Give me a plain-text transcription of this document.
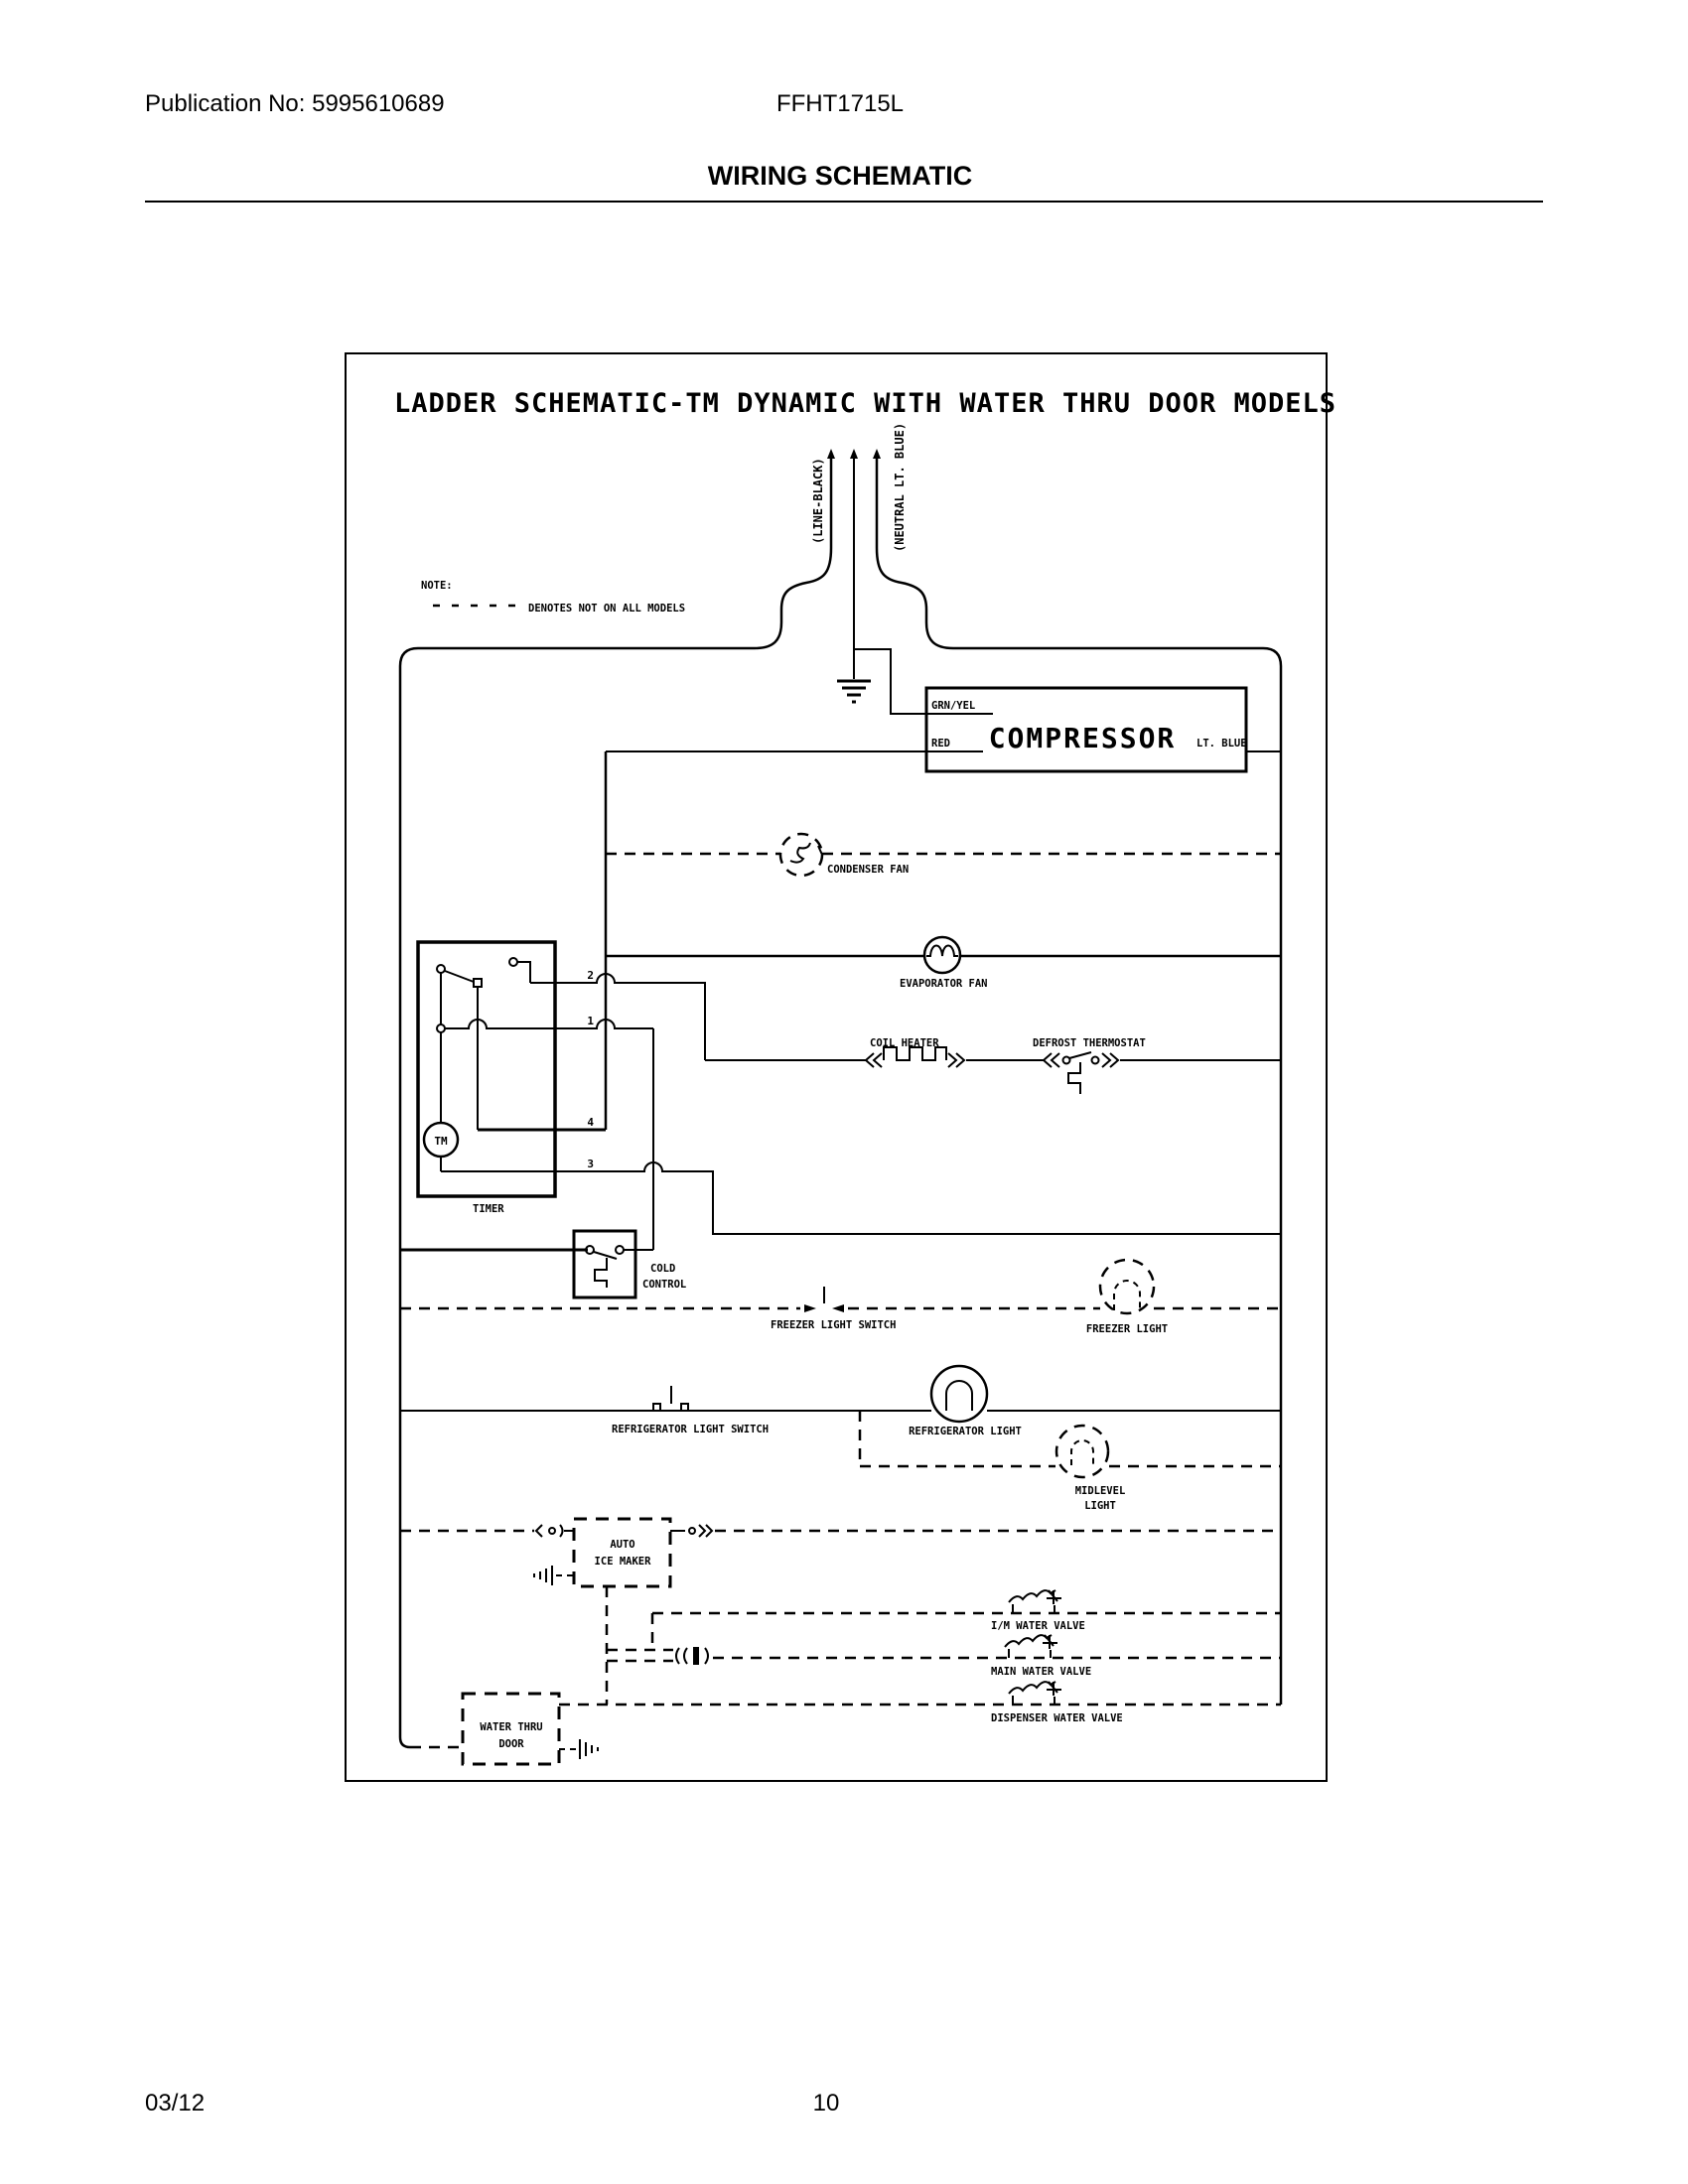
Publication No: 5995610689	FFHT1715L
WIRING SCHEMATIC
LADDER SCHEMATIC-TM DYNAMIC WITH WATER THRU DOOR MODELS
NOTE:
DENOTES NOT ON ALL MODELS
(LINE-BLACK)	(NEUTRAL LT. BLUE)
GRN/YEL
RED	LT. BLUE
COMPRESSOR
CONDENSER FAN
EVAPORATOR FAN
COIL HEATER	DEFROST THERMOSTAT
TM
2
1
4
3
TIMER
COLD
CONTROL
FREEZER LIGHT SWITCH	FREEZER LIGHT
REFRIGERATOR LIGHT SWITCH	REFRIGERATOR LIGHT
MIDLEVEL
LIGHT
AUTO
ICE MAKER
I/M WATER VALVE
MAIN WATER VALVE
DISPENSER WATER VALVE
WATER THRU
DOOR
03/12	10
